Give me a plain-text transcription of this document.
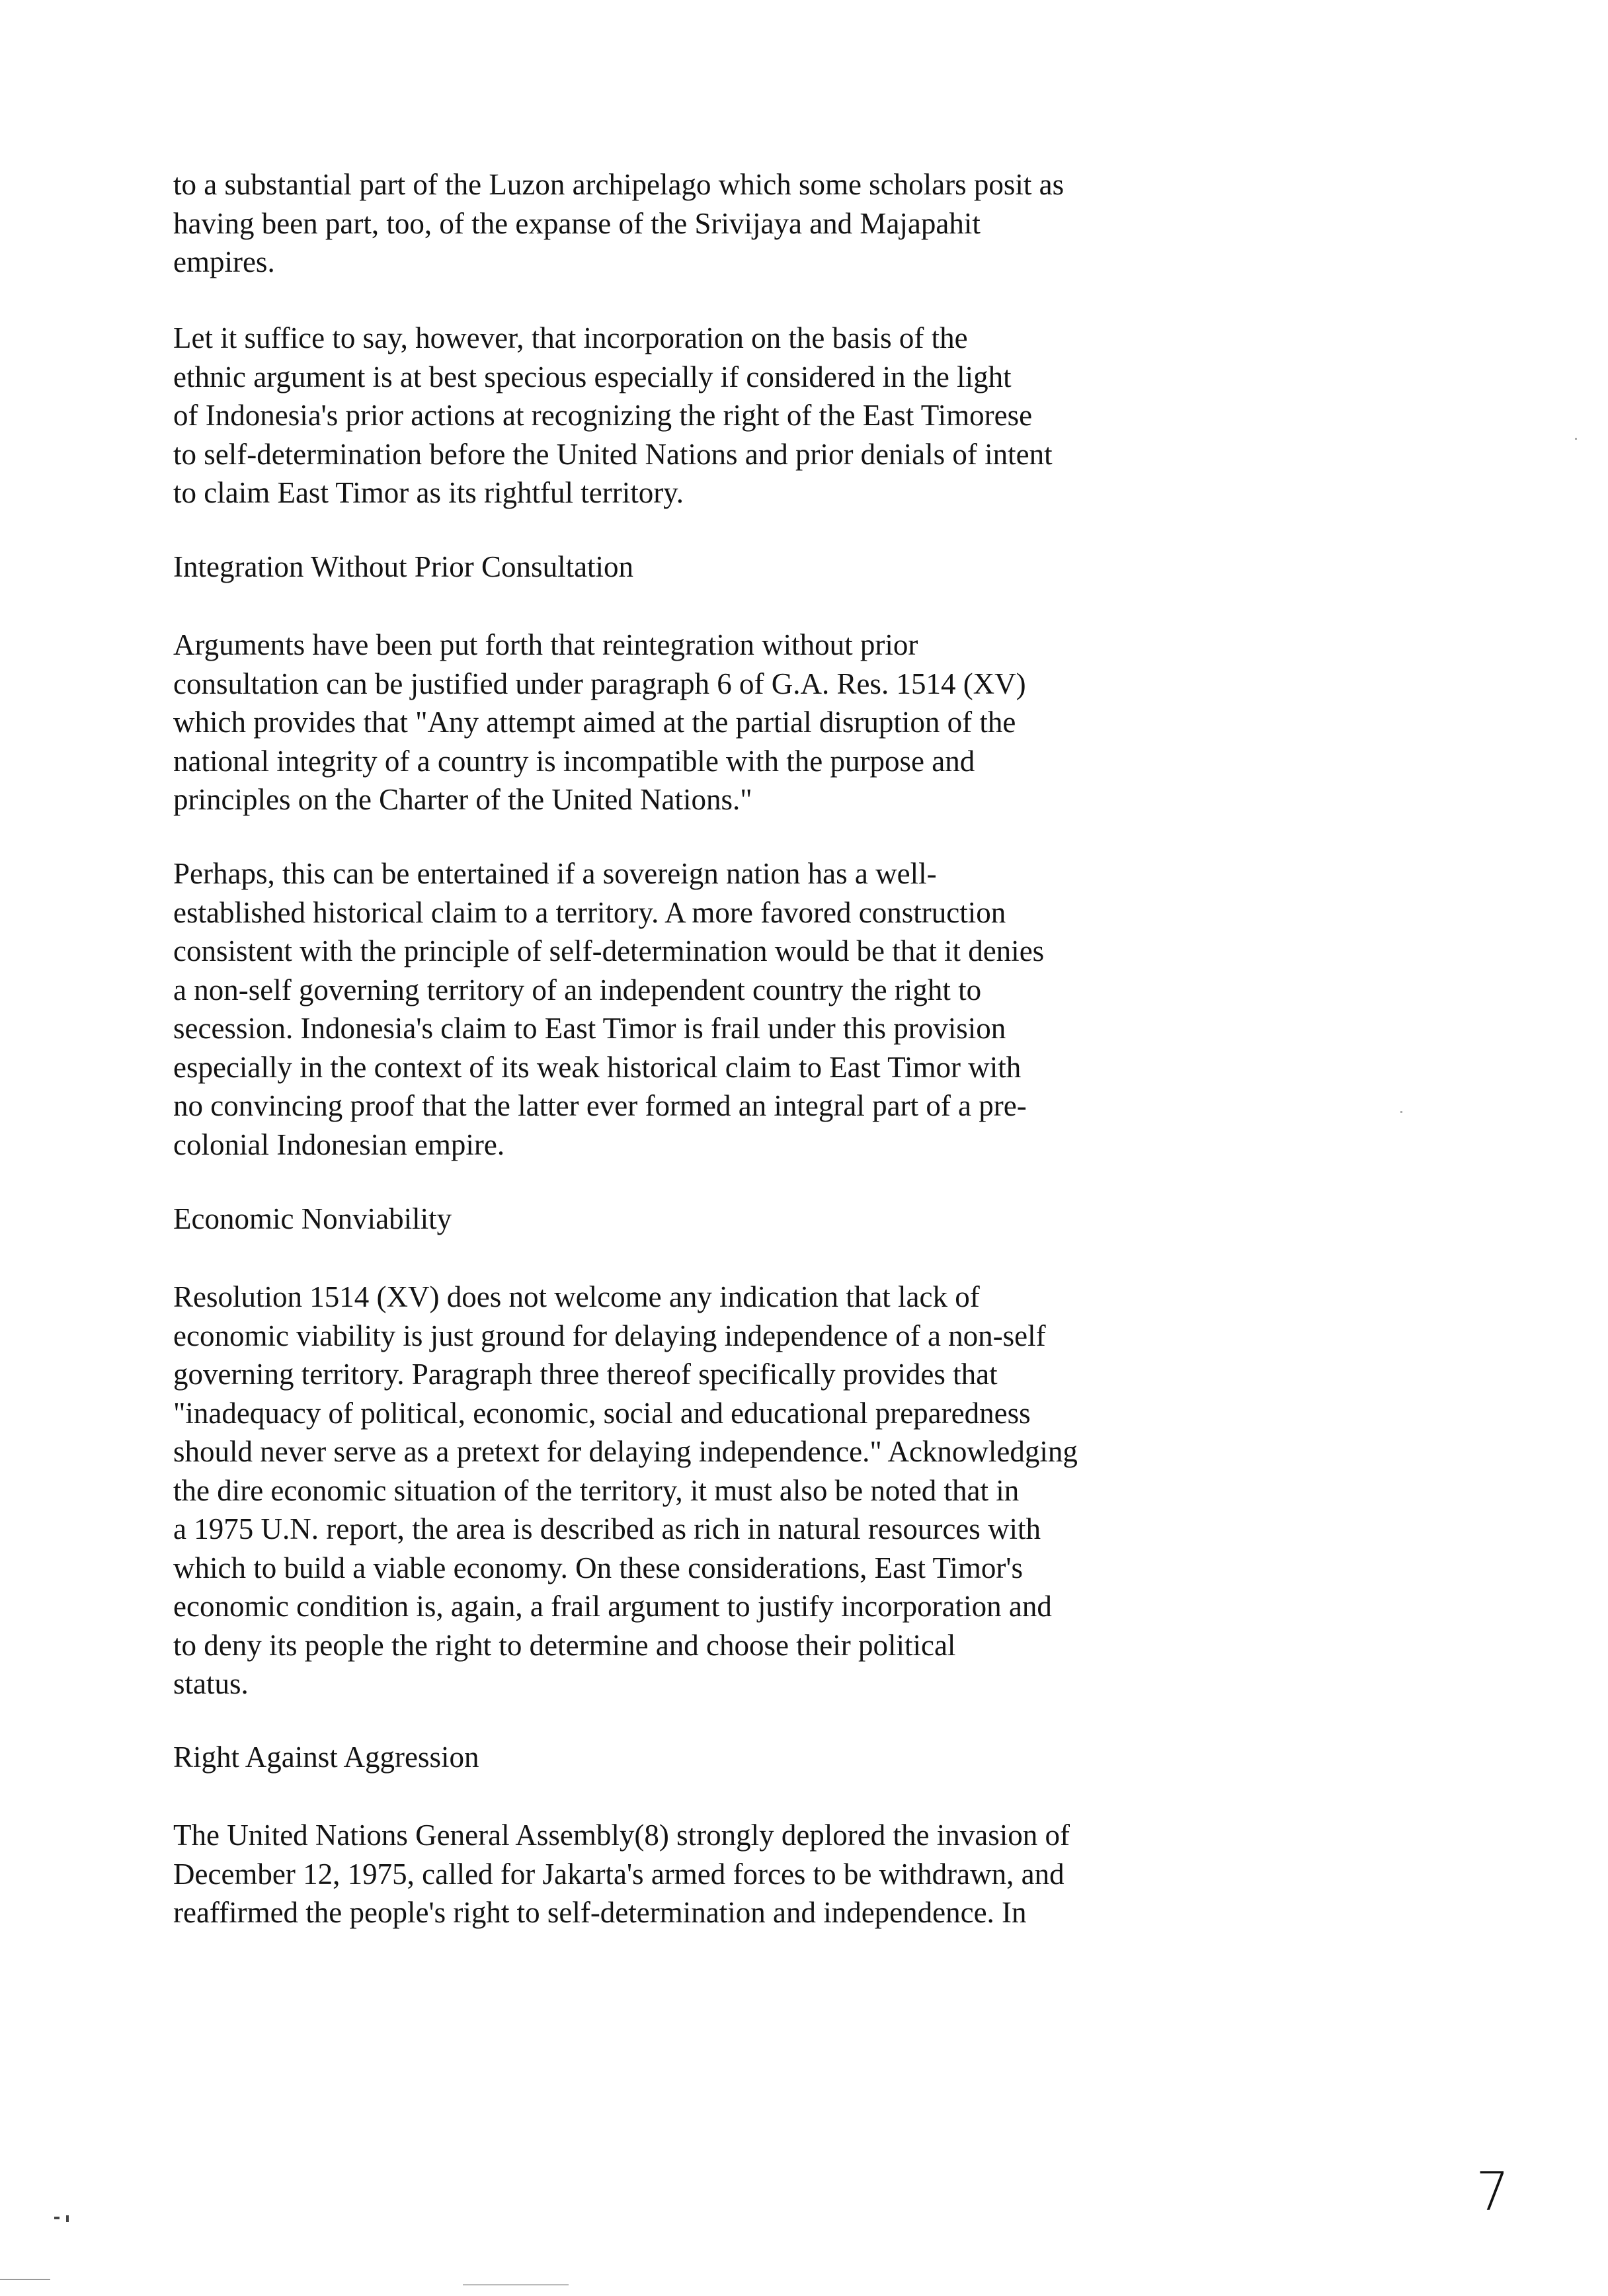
to a substantial part of the Luzon archipelago which some scholars posit as
having been part, too, of the expanse of the Srivijaya and Majapahit
empires.
Let it suffice to say, however, that incorporation on the basis of the
ethnic argument is at best specious especially if considered in the light
of Indonesia's prior actions at recognizing the right of the East Timorese
to self-determination before the United Nations and prior denials of intent
to claim East Timor as its rightful territory.
Integration Without Prior Consultation
Arguments have been put forth that reintegration without prior
consultation can be justified under paragraph 6 of G.A. Res. 1514 (XV)
which provides that "Any attempt aimed at the partial disruption of the
national integrity of a country is incompatible with the purpose and
principles on the Charter of the United Nations."
Perhaps, this can be entertained if a sovereign nation has a well-
established historical claim to a territory. A more favored construction
consistent with the principle of self-determination would be that it denies
a non-self governing territory of an independent country the right to
secession. Indonesia's claim to East Timor is frail under this provision
especially in the context of its weak historical claim to East Timor with
no convincing proof that the latter ever formed an integral part of a pre-
colonial Indonesian empire.
Economic Nonviability
Resolution 1514 (XV) does not welcome any indication that lack of
economic viability is just ground for delaying independence of a non-self
governing territory. Paragraph three thereof specifically provides that
"inadequacy of political, economic, social and educational preparedness
should never serve as a pretext for delaying independence." Acknowledging
the dire economic situation of the territory, it must also be noted that in
a 1975 U.N. report, the area is described as rich in natural resources with
which to build a viable economy. On these considerations, East Timor's
economic condition is, again, a frail argument to justify incorporation and
to deny its people the right to determine and choose their political
status.
Right Against Aggression
The United Nations General Assembly(8) strongly deplored the invasion of
December 12, 1975, called for Jakarta's armed forces to be withdrawn, and
reaffirmed the people's right to self-determination and independence. In
7
